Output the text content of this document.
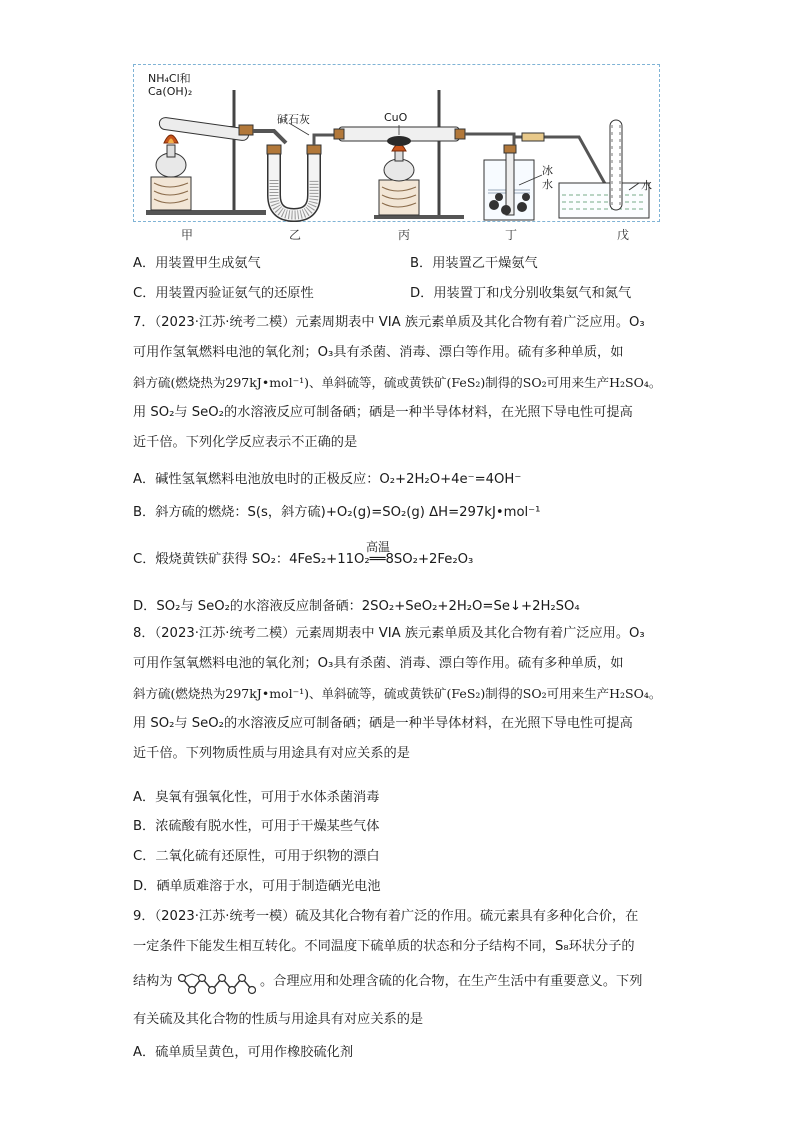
NH₄Cl和
Ca(OH)₂
碱石灰	CuO
冰
水	水
甲	乙	丙	丁	戊
A．用装置甲生成氨气	B．用装置乙干燥氨气
C．用装置丙验证氨气的还原性	D．用装置丁和戊分别收集氨气和氮气
7．（2023·江苏·统考二模）元素周期表中 VIA 族元素单质及其化合物有着广泛应用。O₃
可用作氢氧燃料电池的氧化剂；O₃具有杀菌、消毒、漂白等作用。硫有多种单质，如
斜方硫(燃烧热为297kJ•mol⁻¹)、单斜硫等，硫或黄铁矿(FeS₂)制得的SO₂可用来生产H₂SO₄。
用 SO₂与 SeO₂的水溶液反应可制备硒；硒是一种半导体材料，在光照下导电性可提高
近千倍。下列化学反应表示不正确的是
A．碱性氢氧燃料电池放电时的正极反应：O₂+2H₂O+4e⁻=4OH⁻
B．斜方硫的燃烧：S(s，斜方硫)+O₂(g)=SO₂(g) ΔH=297kJ•mol⁻¹
高温
C．煅烧黄铁矿获得 SO₂：4FeS₂+11O₂══8SO₂+2Fe₂O₃
D．SO₂与 SeO₂的水溶液反应制备硒：2SO₂+SeO₂+2H₂O=Se↓+2H₂SO₄
8．（2023·江苏·统考二模）元素周期表中 VIA 族元素单质及其化合物有着广泛应用。O₃
可用作氢氧燃料电池的氧化剂；O₃具有杀菌、消毒、漂白等作用。硫有多种单质，如
斜方硫(燃烧热为297kJ•mol⁻¹)、单斜硫等，硫或黄铁矿(FeS₂)制得的SO₂可用来生产H₂SO₄。
用 SO₂与 SeO₂的水溶液反应可制备硒；硒是一种半导体材料，在光照下导电性可提高
近千倍。下列物质性质与用途具有对应关系的是
A．臭氧有强氧化性，可用于水体杀菌消毒
B．浓硫酸有脱水性，可用于干燥某些气体
C．二氧化硫有还原性，可用于织物的漂白
D．硒单质难溶于水，可用于制造硒光电池
9．（2023·江苏·统考一模）硫及其化合物有着广泛的作用。硫元素具有多种化合价，在
一定条件下能发生相互转化。不同温度下硫单质的状态和分子结构不同，S₈环状分子的
结构为	。合理应用和处理含硫的化合物，在生产生活中有重要意义。下列
有关硫及其化合物的性质与用途具有对应关系的是
A．硫单质呈黄色，可用作橡胶硫化剂
